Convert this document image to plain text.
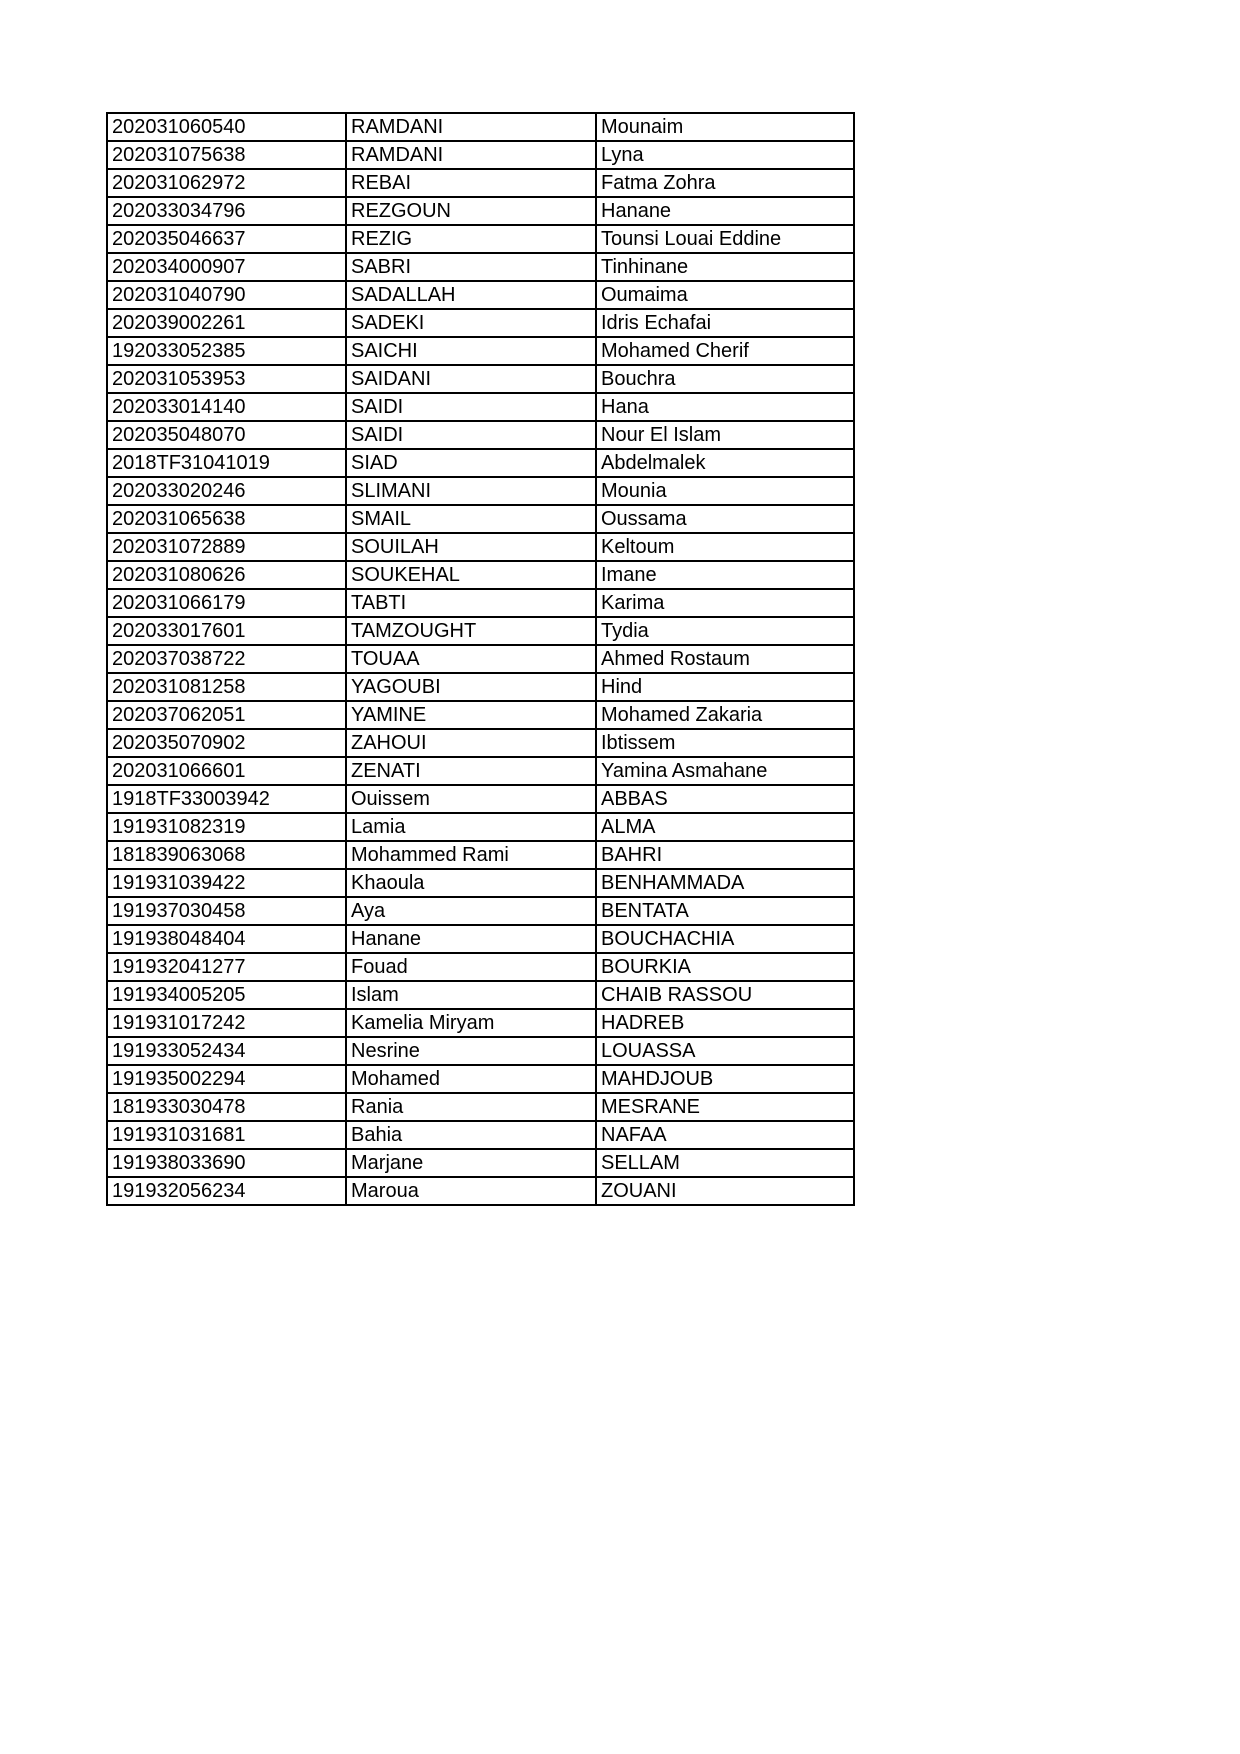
202031060540	RAMDANI	Mounaim
202031075638	RAMDANI	Lyna
202031062972	REBAI	Fatma Zohra
202033034796	REZGOUN	Hanane
202035046637	REZIG	Tounsi Louai Eddine
202034000907	SABRI	Tinhinane
202031040790	SADALLAH	Oumaima
202039002261	SADEKI	Idris Echafai
192033052385	SAICHI	Mohamed Cherif
202031053953	SAIDANI	Bouchra
202033014140	SAIDI	Hana
202035048070	SAIDI	Nour El Islam
2018TF31041019	SIAD	Abdelmalek
202033020246	SLIMANI	Mounia
202031065638	SMAIL	Oussama
202031072889	SOUILAH	Keltoum
202031080626	SOUKEHAL	Imane
202031066179	TABTI	Karima
202033017601	TAMZOUGHT	Tydia
202037038722	TOUAA	Ahmed Rostaum
202031081258	YAGOUBI	Hind
202037062051	YAMINE	Mohamed Zakaria
202035070902	ZAHOUI	Ibtissem
202031066601	ZENATI	Yamina Asmahane
1918TF33003942	Ouissem	ABBAS
191931082319	Lamia	ALMA
181839063068	Mohammed Rami	BAHRI
191931039422	Khaoula	BENHAMMADA
191937030458	Aya	BENTATA
191938048404	Hanane	BOUCHACHIA
191932041277	Fouad	BOURKIA
191934005205	Islam	CHAIB RASSOU
191931017242	Kamelia Miryam	HADREB
191933052434	Nesrine	LOUASSA
191935002294	Mohamed	MAHDJOUB
181933030478	Rania	MESRANE
191931031681	Bahia	NAFAA
191938033690	Marjane	SELLAM
191932056234	Maroua	ZOUANI
